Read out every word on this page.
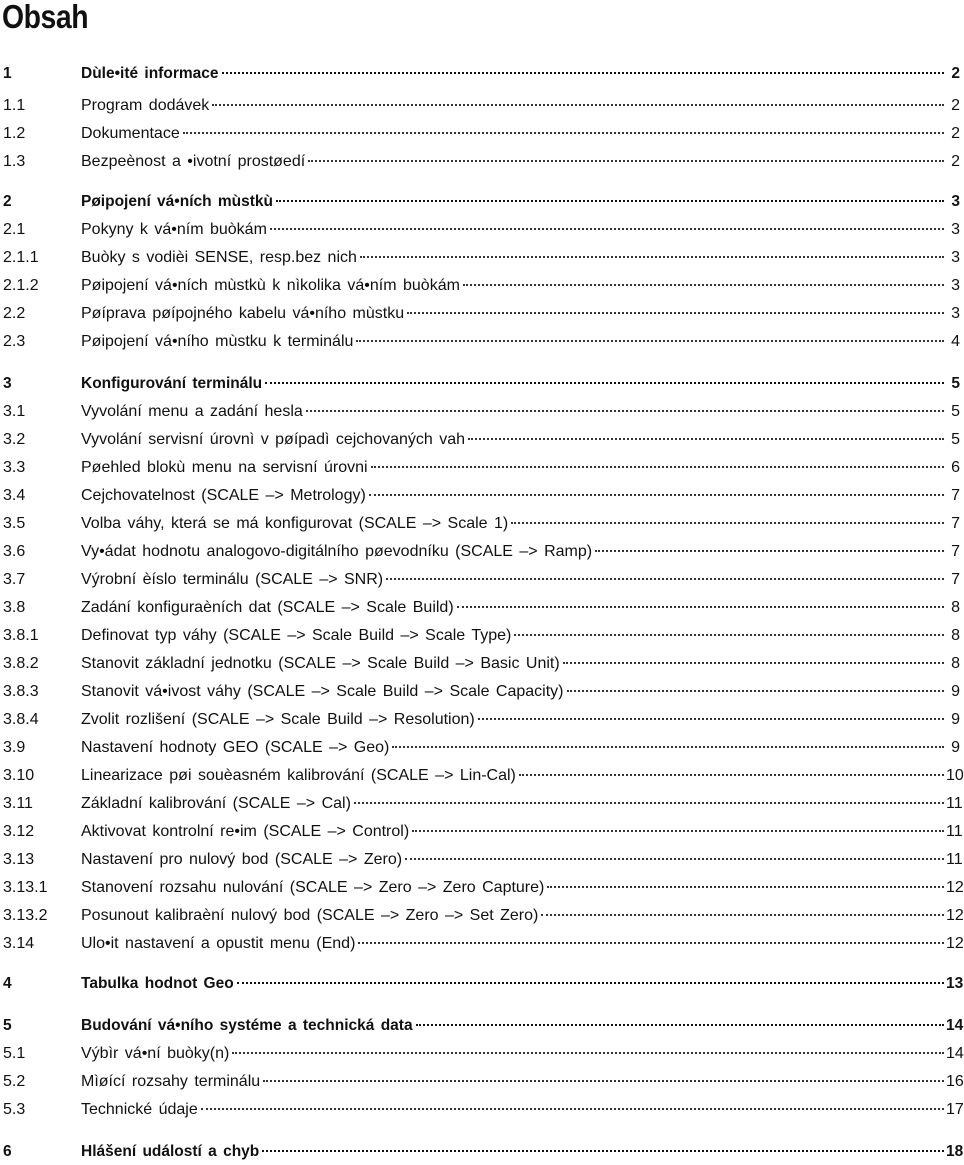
Obsah
1	Dùle•ité informace	2
1.1	Program dodávek	2
1.2	Dokumentace	2
1.3	Bezpeènost a •ivotní prostøedí	2
2	Pøipojení vá•ních mùstkù	3
2.1	Pokyny k vá•ním buòkám	3
2.1.1	Buòky s vodièi SENSE, resp.bez nich	3
2.1.2	Pøipojení vá•ních mùstkù k nìkolika vá•ním buòkám	3
2.2	Pøíprava pøípojného kabelu vá•ního mùstku	3
2.3	Pøipojení vá•ního mùstku k terminálu	4
3	Konfigurování terminálu	5
3.1	Vyvolání menu a zadání hesla	5
3.2	Vyvolání servisní úrovnì v pøípadì cejchovaných vah	5
3.3	Pøehled blokù menu na servisní úrovni	6
3.4	Cejchovatelnost (SCALE –> Metrology)	7
3.5	Volba váhy, která se má konfigurovat (SCALE –> Scale 1)	7
3.6	Vy•ádat hodnotu analogovo-digitálního pøevodníku (SCALE –> Ramp)	7
3.7	Výrobní èíslo terminálu (SCALE –> SNR)	7
3.8	Zadání konfiguraèních dat (SCALE –> Scale Build)	8
3.8.1	Definovat typ váhy (SCALE –> Scale Build –> Scale Type)	8
3.8.2	Stanovit základní jednotku (SCALE –> Scale Build –> Basic Unit)	8
3.8.3	Stanovit vá•ivost váhy (SCALE –> Scale Build –> Scale Capacity)	9
3.8.4	Zvolit rozlišení (SCALE –> Scale Build –> Resolution)	9
3.9	Nastavení hodnoty GEO (SCALE –> Geo)	9
3.10	Linearizace pøi souèasném kalibrování (SCALE –> Lin-Cal)	10
3.11	Základní kalibrování (SCALE –> Cal)	11
3.12	Aktivovat kontrolní re•im (SCALE –> Control)	11
3.13	Nastavení pro nulový bod (SCALE –> Zero)	11
3.13.1	Stanovení rozsahu nulování (SCALE –> Zero –> Zero Capture)	12
3.13.2	Posunout kalibraèní nulový bod (SCALE –> Zero –> Set Zero)	12
3.14	Ulo•it nastavení a opustit menu (End)	12
4	Tabulka hodnot Geo	13
5	Budování vá•ního systéme a technická data	14
5.1	Výbìr vá•ní buòky(n)	14
5.2	Mìøící rozsahy terminálu	16
5.3	Technické údaje	17
6	Hlášení událostí a chyb	18
